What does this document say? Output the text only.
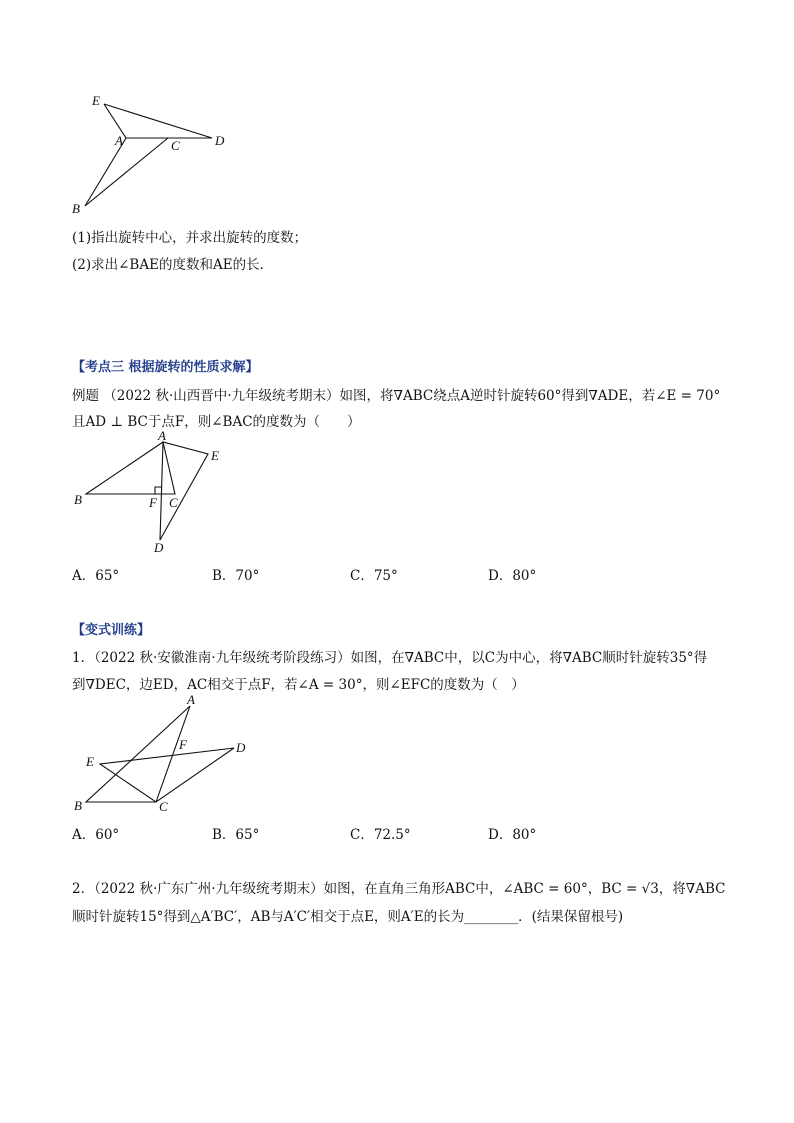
E
A	C	D
B
(1)指出旋转中心，并求出旋转的度数；
(2)求出∠BAE的度数和AE的长．
【考点三 根据旋转的性质求解】
例题 （2022 秋·山西晋中·九年级统考期末）如图，将∇ABC绕点A逆时针旋转60°得到∇ADE，若∠E = 70°
且AD ⊥ BC于点F，则∠BAC的度数为（　　）
A
E
B	F C
D
A．65°	B．70°	C．75°	D．80°
【变式训练】
1．（2022 秋·安徽淮南·九年级统考阶段练习）如图，在∇ABC中，以C为中心，将∇ABC顺时针旋转35°得
到∇DEC，边ED，AC相交于点F，若∠A = 30°，则∠EFC的度数为（　）
A
F	D
E
B	C
A．60°	B．65°	C．72.5°	D．80°
2．（2022 秋·广东广州·九年级统考期末）如图，在直角三角形ABC中，∠ABC = 60°，BC = √3，将∇ABC
顺时针旋转15°得到△A′BC′，AB与A′C′相交于点E，则A′E的长为________．(结果保留根号)
